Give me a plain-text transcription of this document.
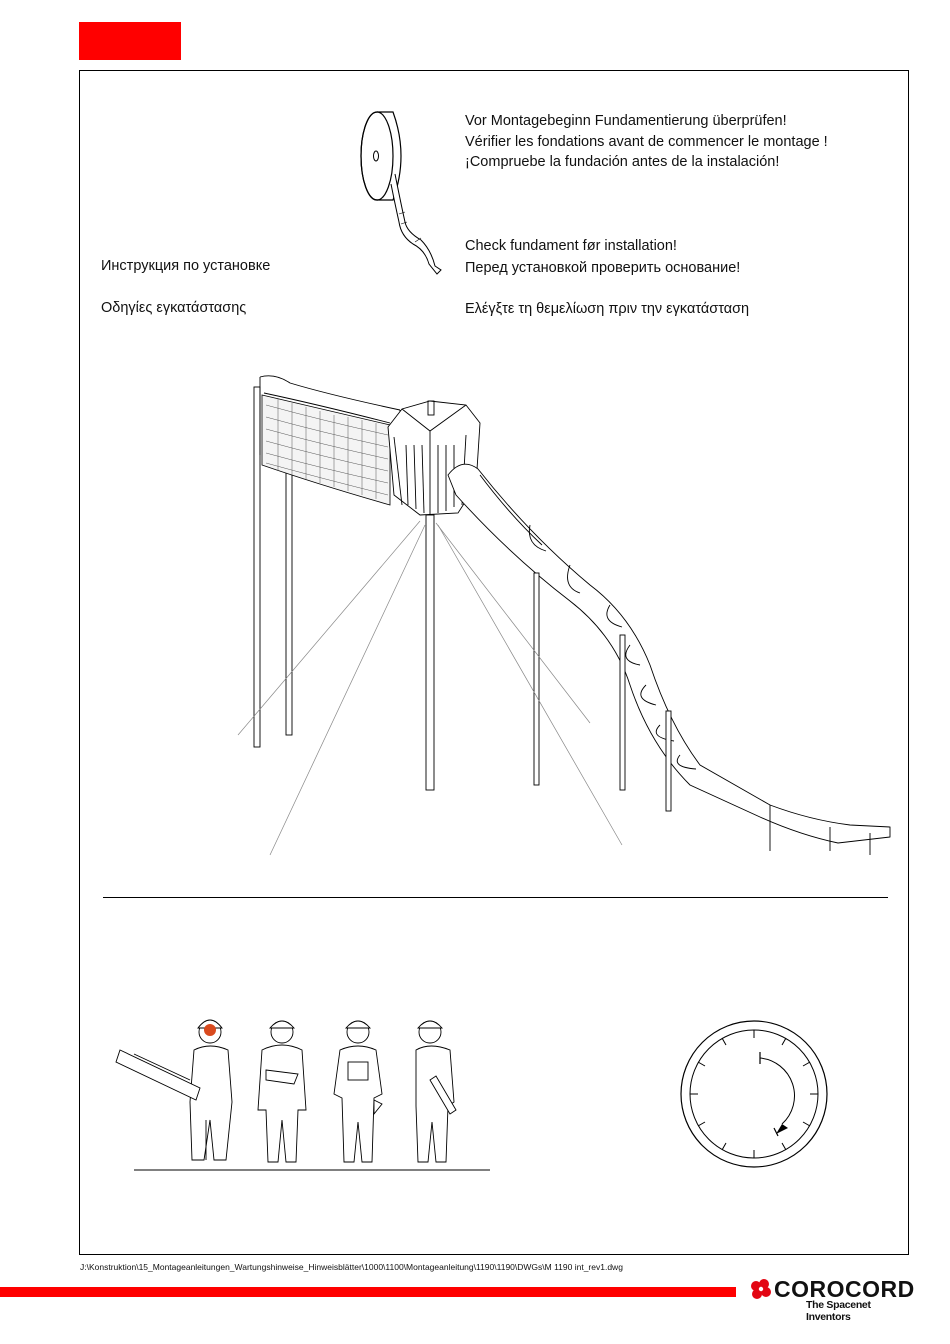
Vor Montagebeginn Fundamentierung überprüfen!
Vérifier les fondations avant de commencer le montage !
¡Compruebe la fundación antes de la instalación!
Check fundament før installation!
Перед установкой проверить основание!
Ελέγξτε τη θεμελίωση πριν την εγκατάσταση
Инструкция по установке
Οδηγίες εγκατάστασης
J:\Konstruktion\15_Montageanleitungen_Wartungshinweise_Hinweisblätter\1000\1100\Montageanleitung\1190\1190\DWGs\M 1190 int_rev1.dwg
COROCORD
The Spacenet Inventors
